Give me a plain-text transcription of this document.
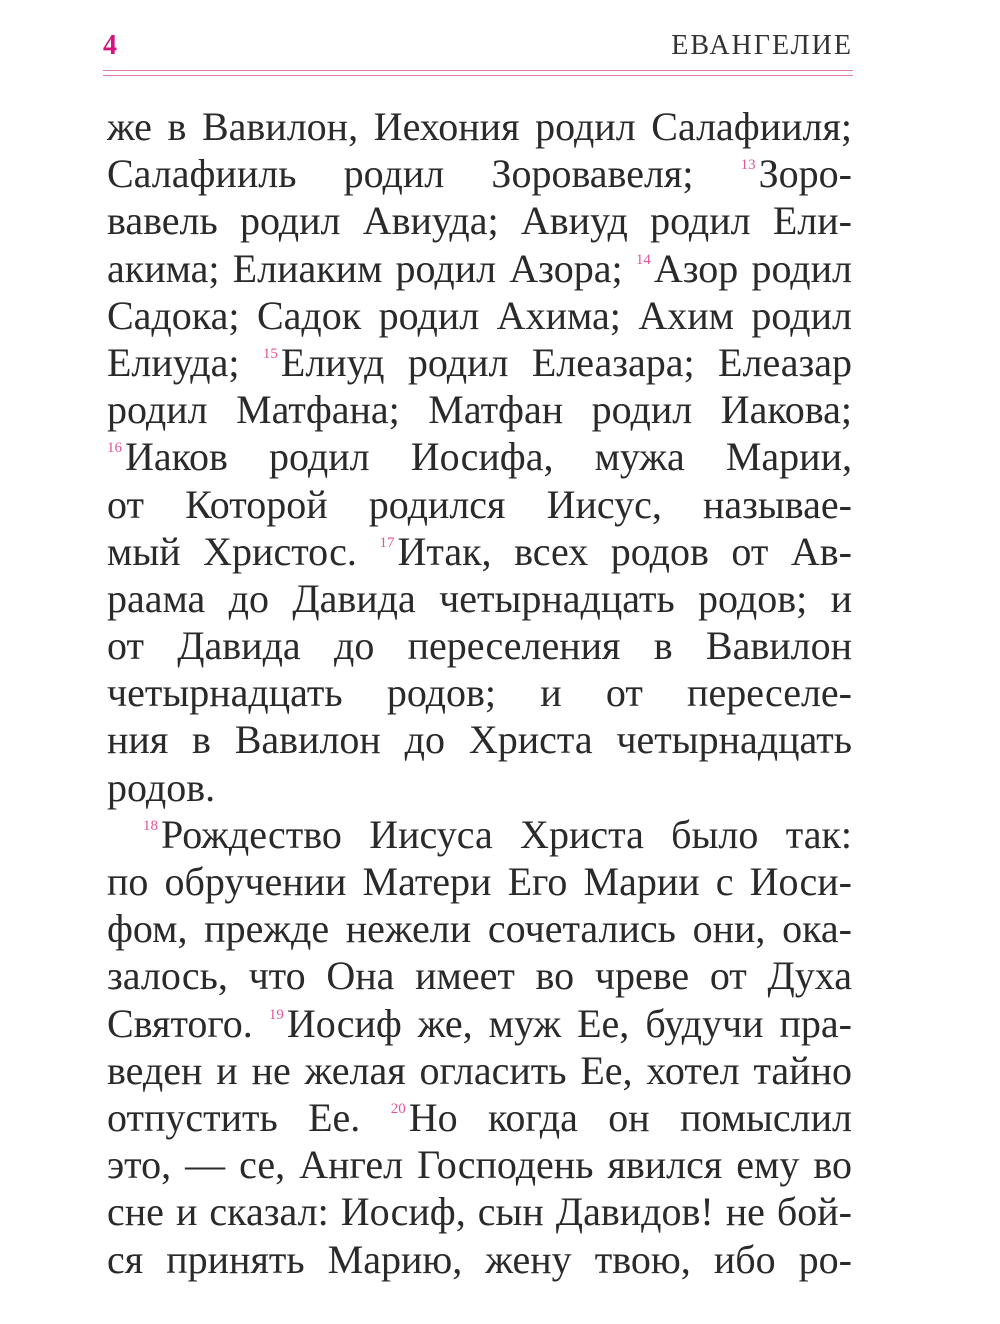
4	ЕВАНГЕЛИЕ
же в Вавилон, Иехония родил Салафииля;
Салафииль родил Зоровавеля;	$^{13}$Зоро-
вавель родил Авиуда; Авиуд родил Ели-
акима; Елиаким родил Азора; $^{14}$Азор родил
Садока; Садок родил Ахима; Ахим родил
Елиуда; $^{15}$Елиуд родил Елеазара; Елеазар
родил Матфана; Матфан родил Иакова;
$^{16}$Иаков родил Иосифа, мужа Марии,
от Которой родился Иисус, называе-
мый Христос. $^{17}$Итак, всех родов от Ав-
раама до Давида четырнадцать родов; и
от Давида до переселения в Вавилон
четырнадцать родов; и от переселе-
ния в Вавилон до Христа четырнадцать
родов.
$^{18}$Рождество Иисуса Христа было так:
по обручении Матери Его Марии с Иоси-
фом, прежде нежели сочетались они, ока-
залось, что Она имеет во чреве от Духа
Святого. $^{19}$Иосиф же, муж Ее, будучи пра-
веден и не желая огласить Ее, хотел тайно
отпустить Ее. $^{20}$Но когда он помыслил
это, — се, Ангел Господень явился ему во
сне и сказал: Иосиф, сын Давидов! не бой-
ся принять Марию, жену твою, ибо ро-
